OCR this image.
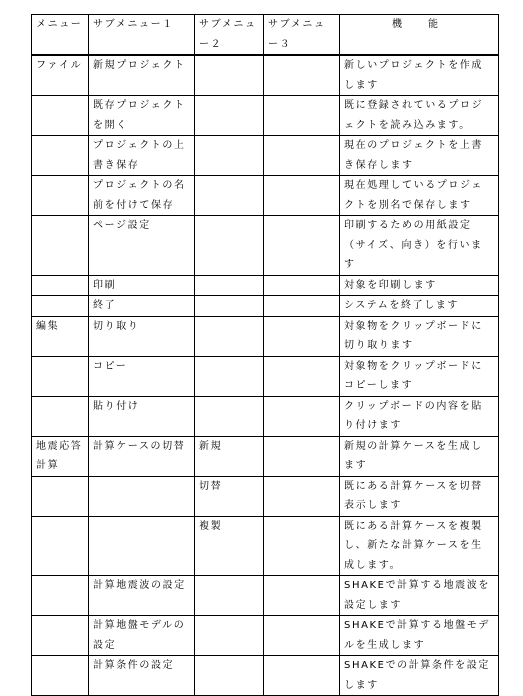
メニュー	サブメニュー１	サブメニュー２	サブメニュー３	機　能
ファイル	新規プロジェクト			新しいプロジェクトを作成します
	既存プロジェクトを開く			既に登録されているプロジェクトを読み込みます。
	プロジェクトの上書き保存			現在のプロジェクトを上書き保存します
	プロジェクトの名前を付けて保存			現在処理しているプロジェクトを別名で保存します
	ページ設定			印刷するための用紙設定（サイズ、向き）を行います
	印刷			対象を印刷します
	終了			システムを終了します
編集	切り取り			対象物をクリップボードに切り取ります
	コピー			対象物をクリップボードにコピーします
	貼り付け			クリップボードの内容を貼り付けます
地震応答計算	計算ケースの切替	新規		新規の計算ケースを生成します
		切替		既にある計算ケースを切替表示します
		複製		既にある計算ケースを複製し、新たな計算ケースを生成します。
	計算地震波の設定			SHAKEで計算する地震波を設定します
	計算地盤モデルの設定			SHAKEで計算する地盤モデルを生成します
	計算条件の設定			SHAKEでの計算条件を設定します
